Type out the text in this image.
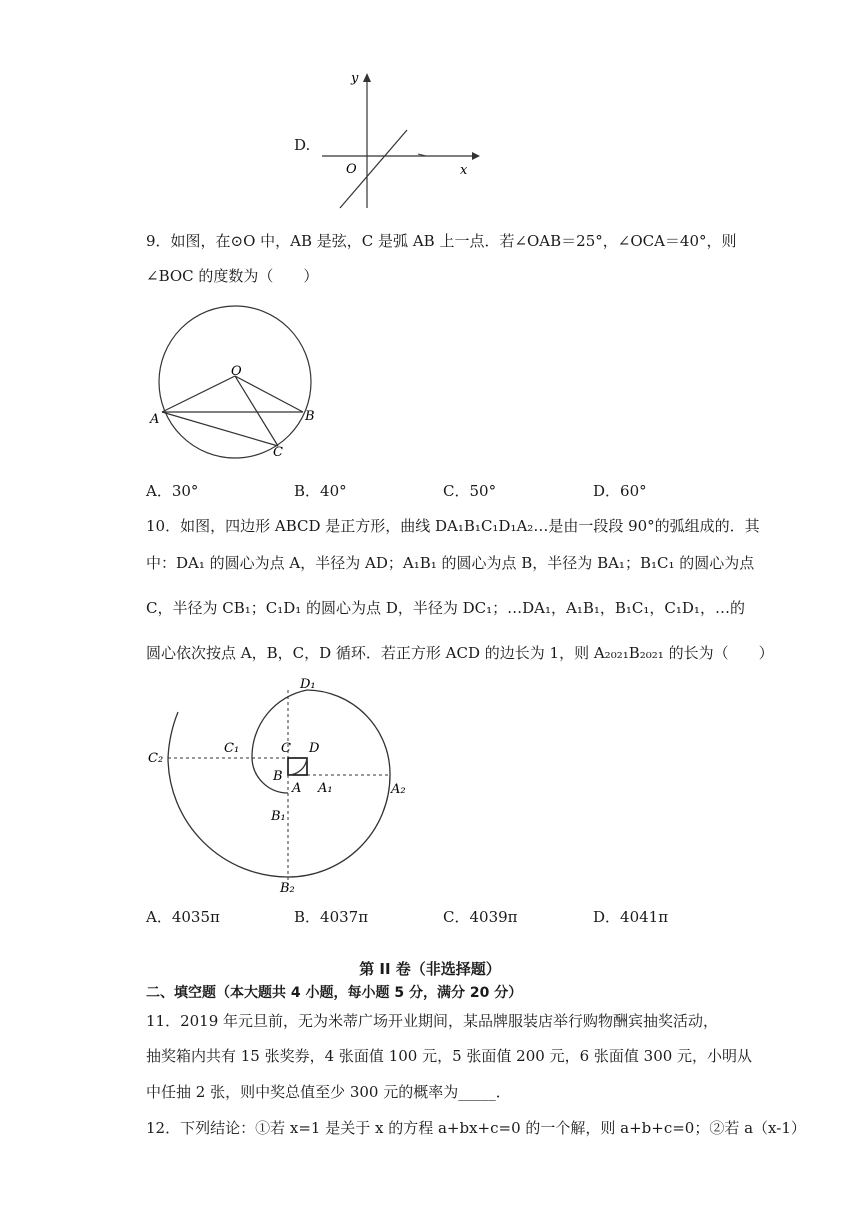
D.
y
x
O
9．如图，在⊙O 中，AB 是弦，C 是弧 AB 上一点．若∠OAB＝25°，∠OCA＝40°，则
∠BOC 的度数为（　　）
O
A	B
C
A．30°	B．40°	C．50°	D．60°
10．如图，四边形 ABCD 是正方形，曲线 DA₁B₁C₁D₁A₂…是由一段段 90°的弧组成的．其
中：DA₁ 的圆心为点 A，半径为 AD；A₁B₁ 的圆心为点 B，半径为 BA₁；B₁C₁ 的圆心为点
C，半径为 CB₁；C₁D₁ 的圆心为点 D，半径为 DC₁；…DA₁，A₁B₁，B₁C₁，C₁D₁，…的
圆心依次按点 A，B，C，D 循环．若正方形 ACD 的边长为 1，则 A₂₀₂₁B₂₀₂₁ 的长为（　　）
D₁
C₂
C₁	C D
B
A A₁	A₂
B₁
B₂
A．4035π	B．4037π	C．4039π	D．4041π
第 II 卷（非选择题）
二、填空题（本大题共 4 小题，每小题 5 分，满分 20 分）
11．2019 年元旦前，无为米蒂广场开业期间，某品牌服装店举行购物酬宾抽奖活动，
抽奖箱内共有 15 张奖券，4 张面值 100 元，5 张面值 200 元，6 张面值 300 元，小明从
中任抽 2 张，则中奖总值至少 300 元的概率为_____．
12．下列结论：①若 x=1 是关于 x 的方程 a+bx+c=0 的一个解，则 a+b+c=0；②若 a（x-1）
